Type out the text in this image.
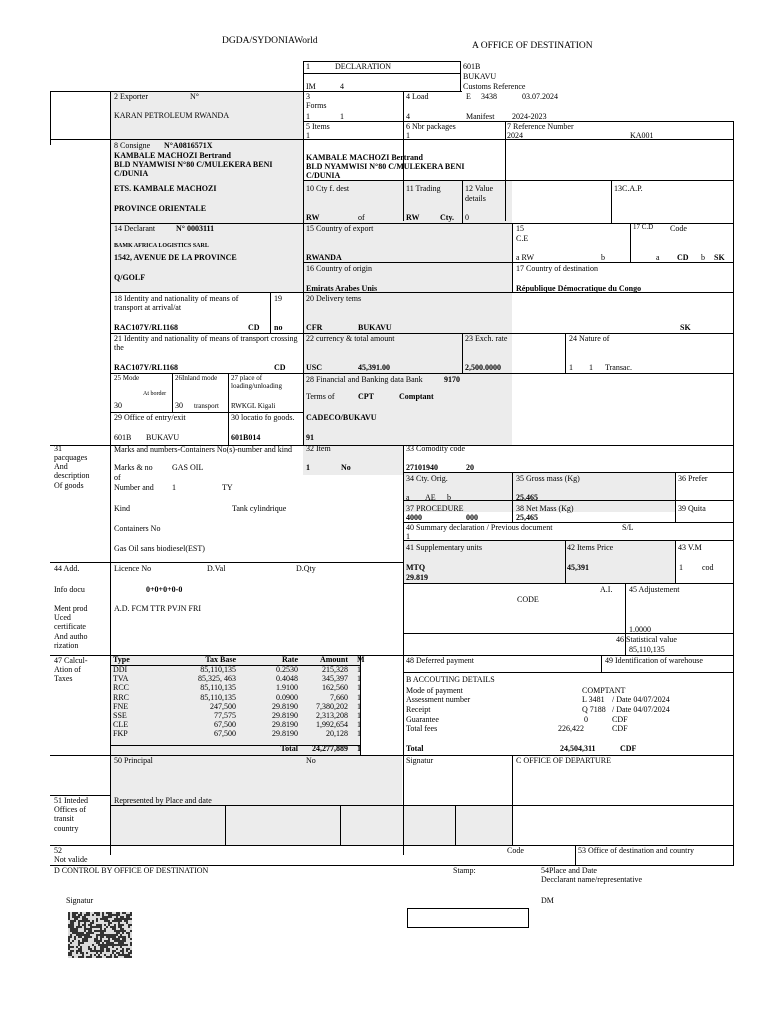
DGDA/SYDONIAWorld	A OFFICE OF DESTINATION
1	DECLARATION
IM	4
3
Forms
1	1
4 Load
4
601B
BUKAVU
Customs Reference
E 3438	03.07.2024
Manifest 2024-2023
2 Exporter	N°
KARAN PETROLEUM RWANDA
5 Items
1
6 Nbr packages
1
7 Reference Number
2024	KA001
8 Consigne N°A0816571X
KAMBALE MACHOZI Bertrand
BLD NYAMWISI N°80 C/MULEKERA BENI
C/DUNIA
ETS. KAMBALE MACHOZI
PROVINCE ORIENTALE
KAMBALE MACHOZI Bertrand
BLD NYAMWISI N°80 C/MULEKERA BENI
C/DUNIA
10 Cty f. dest
RW	of
11 Trading
RW	Cty.
12 Value
details
0
13C.A.P.
14 Declarant	N° 0003111
BAMK AFRICA LOGISTICS SARL
1542, AVENUE DE LA PROVINCE
Q/GOLF
15 Country of export
RWANDA
15
C.E
a RW	b	a CD b SK
17 C.D Code
16 Country of origin
Emirats Arabes Unis
17 Country of destination
République Démocratique du Congo
18 Identity and nationality of means of transport at arrival/at
19
RAC107Y/RL1168	CD no
20 Delivery tems
CFR	BUKAVU	SK
21 Identity and nationality of means of transport crossing the
RAC107Y/RL1168	CD
22 currency & total amount
USC	45,391.00
23 Exch. rate
2,500.0000
24 Nature of
1 1 Transac.
25 Mode
At border
30
26Inland mode
30 transport
27 place of loading/unloading
RWKGL Kigali
28 Financial and Banking data Bank	9170
Terms of	CPT	Comptant
CADECO/BUKAVU
29 Office of entry/exit
601B BUKAVU
30 locatio fo goods.
601B014	91
31
pacquages
And
description
Of goods
Marks and numbers-Containers No(s)-number and kind
Marks & no GAS OIL
of
Number and 1	TY
Kind	Tank cylindrique
Containers No
Gas Oil sans biodiesel(EST)
32 Item
1	No
33 Comodity code
27101940	20
34 Cty. Orig.
a AE b
35 Gross mass (Kg)
25,465
36 Prefer
37 PROCEDURE
4000	000
38 Net Mass (Kg)
25,465
39 Quita
40 Summary declaration / Previous document	S/L
1
41 Supplementary units
MTQ
29.819
42 Items Price
45,391
43 V.M
1 cod
44 Add.	Licence No	D.Val	D.Qty
Info docu	0+0+0+0-0
Ment prod
Uced
certificate
And autho
rization
A.D. FCM TTR PVJN FRI
A.I.
CODE
45 Adjustement
1.0000
46 Statistical value
85,110,135
47 Calcul-
Ation of
Taxes
Type	Tax Base	Rate	Amount M
DDI	85,110,135	0.2530	215,328 1
TVA	85,325, 463	0.4048	345,397 1
RCC	85,110,135	1.9100	162,560 1
RRC	85,110,135	0.0900	7,660 1
FNE	247,500	29.8190	7,380,202 1
SSE	77,575	29.8190	2,313,208 1
CLE	67,500	29.8190	1,992,654 1
FKP	67,500	29.8190	20,128 1
Total	24,277,889 1
48 Deferred payment	49 Identification of warehouse
B ACCOUTING DETAILS
Mode of payment	COMPTANT
Assessment number	L 3481 / Date 04/07/2024
Receipt	Q 7188 / Date 04/07/2024
Guarantee	0	CDF
Total fees	226,422	CDF
Total	24,504,311	CDF
50 Principal	No	Signatur	C OFFICE OF DEPARTURE
Represented by Place and date
51 Inteded
Offices of
transit
country
52
Not valide
Code	53 Office of destination and country
D CONTROL BY OFFICE OF DESTINATION	Stamp:	54Place and Date
Decclarant name/representative
Signatur	DM
